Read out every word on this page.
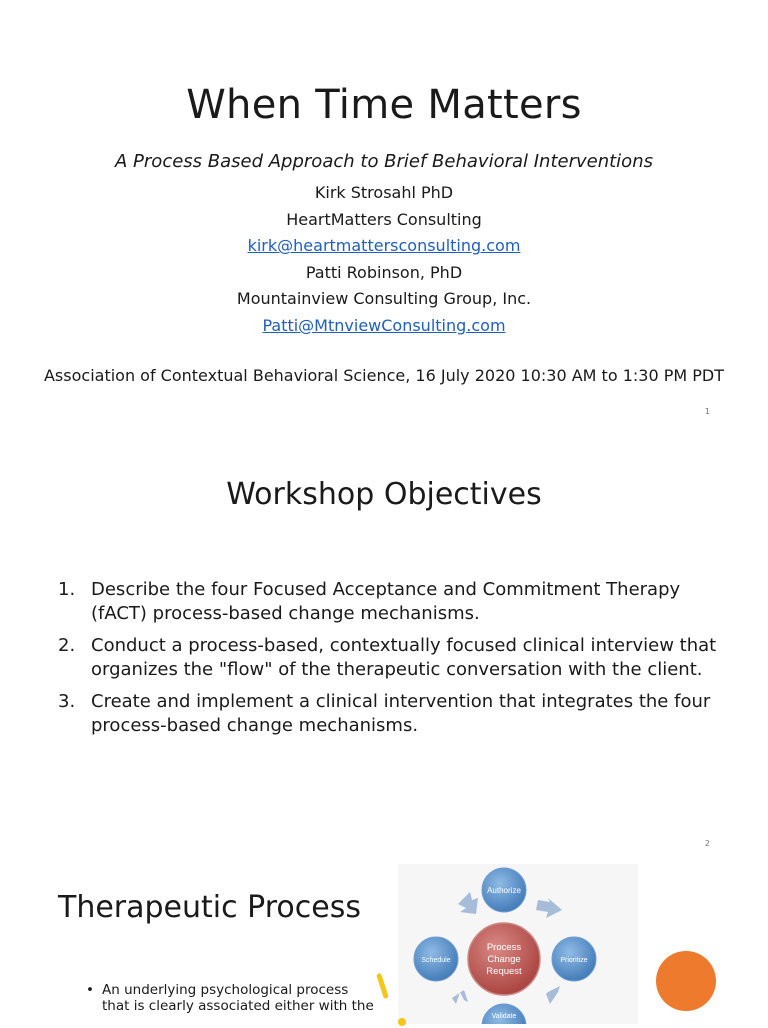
When Time Matters

A Process Based Approach to Brief Behavioral Interventions

Kirk Strosahl PhD
HeartMatters Consulting
kirk@heartmattersconsulting.com
Patti Robinson, PhD
Mountainview Consulting Group, Inc.
Patti@MtnviewConsulting.com

Association of Contextual Behavioral Science, 16 July 2020 10:30 AM to 1:30 PM PDT

1
2
Workshop Objectives
1. Describe the four Focused Acceptance and Commitment Therapy (fACT) process-based change mechanisms.
2. Conduct a process-based, contextually focused clinical interview that organizes the "flow" of the therapeutic conversation with the client.
3. Create and implement a clinical intervention that integrates the four process-based change mechanisms.
Therapeutic Process
• An underlying psychological process that is clearly associated either with the
Authorize
Schedule	Prioritize
Validate
Process
Change
Request
